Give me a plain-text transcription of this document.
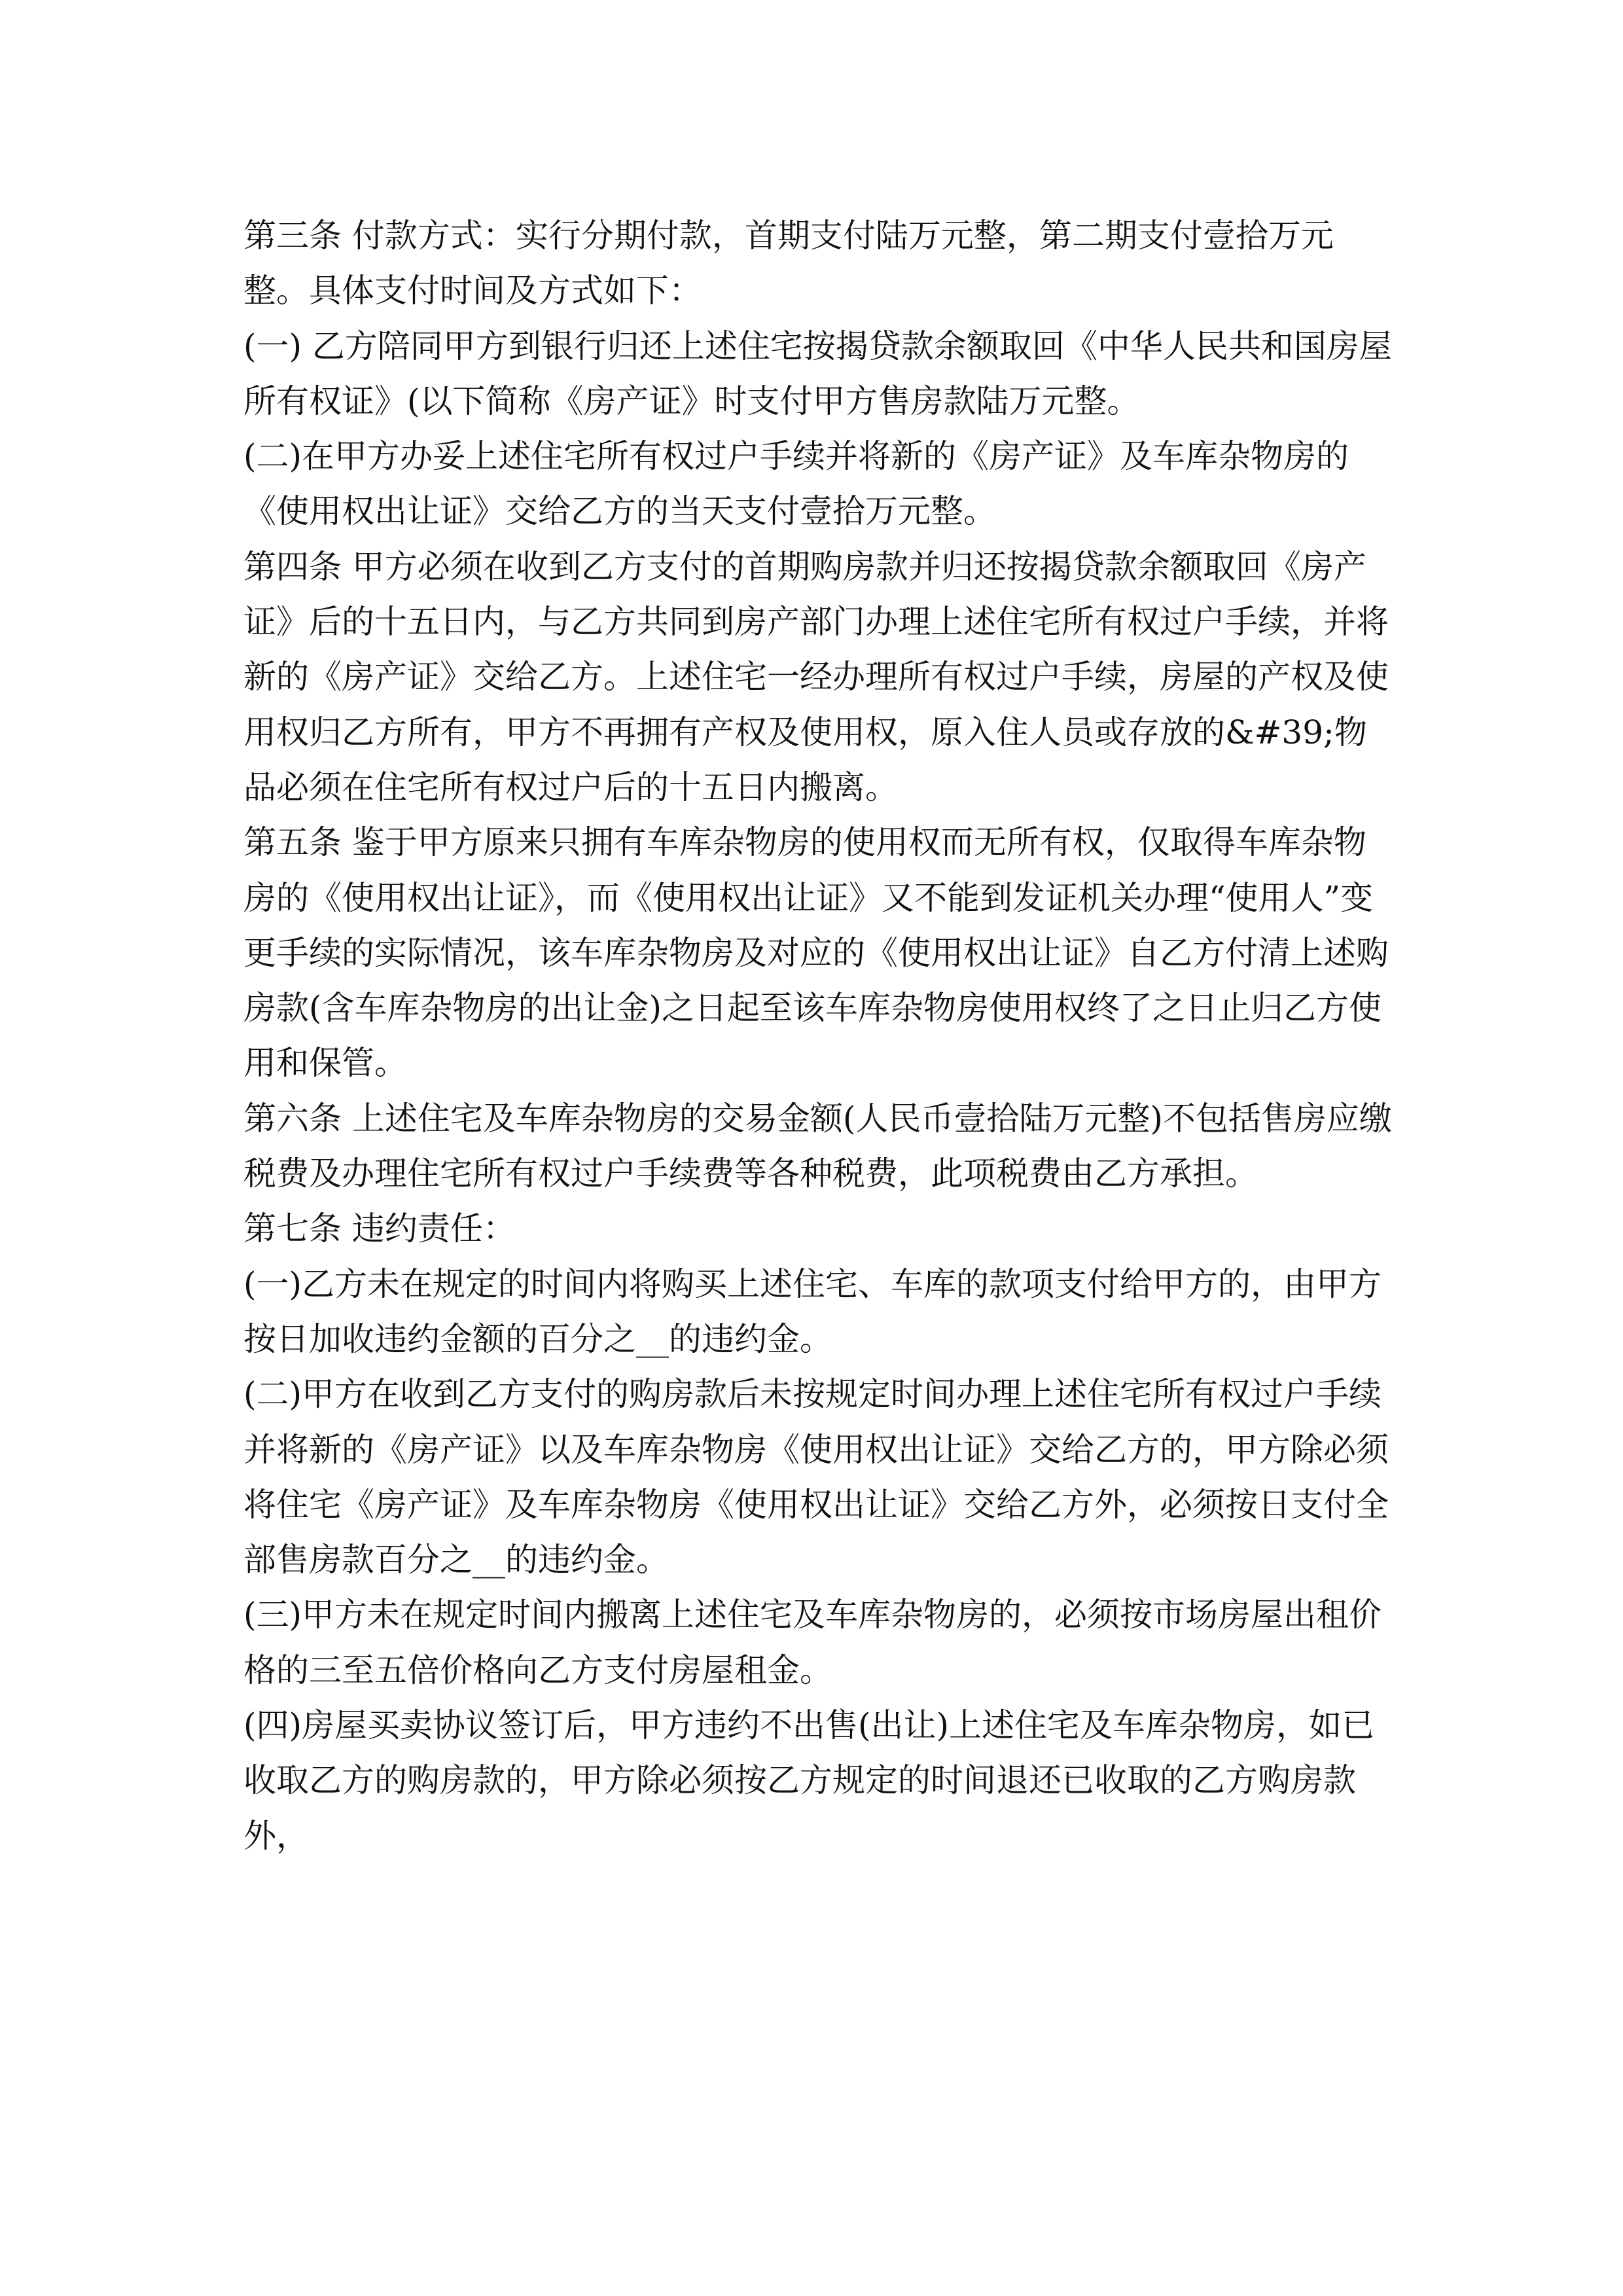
第三条 付款方式：实行分期付款，首期支付陆万元整，第二期支付壹拾万元整。具体支付时间及方式如下：

(一) 乙方陪同甲方到银行归还上述住宅按揭贷款余额取回《中华人民共和国房屋所有权证》(以下简称《房产证》时支付甲方售房款陆万元整。

(二)在甲方办妥上述住宅所有权过户手续并将新的《房产证》及车库杂物房的《使用权出让证》交给乙方的当天支付壹拾万元整。

第四条 甲方必须在收到乙方支付的首期购房款并归还按揭贷款余额取回《房产证》后的十五日内，与乙方共同到房产部门办理上述住宅所有权过户手续，并将新的《房产证》交给乙方。上述住宅一经办理所有权过户手续，房屋的产权及使用权归乙方所有，甲方不再拥有产权及使用权，原入住人员或存放的&#39;物品必须在住宅所有权过户后的十五日内搬离。

第五条 鉴于甲方原来只拥有车库杂物房的使用权而无所有权，仅取得车库杂物房的《使用权出让证》，而《使用权出让证》又不能到发证机关办理“使用人”变更手续的实际情况，该车库杂物房及对应的《使用权出让证》自乙方付清上述购房款(含车库杂物房的出让金)之日起至该车库杂物房使用权终了之日止归乙方使用和保管。

第六条 上述住宅及车库杂物房的交易金额(人民币壹拾陆万元整)不包括售房应缴税费及办理住宅所有权过户手续费等各种税费，此项税费由乙方承担。

第七条 违约责任：

(一)乙方未在规定的时间内将购买上述住宅、车库的款项支付给甲方的，由甲方按日加收违约金额的百分之__的违约金。

(二)甲方在收到乙方支付的购房款后未按规定时间办理上述住宅所有权过户手续并将新的《房产证》以及车库杂物房《使用权出让证》交给乙方的，甲方除必须将住宅《房产证》及车库杂物房《使用权出让证》交给乙方外，必须按日支付全部售房款百分之__的违约金。

(三)甲方未在规定时间内搬离上述住宅及车库杂物房的，必须按市场房屋出租价格的三至五倍价格向乙方支付房屋租金。

(四)房屋买卖协议签订后，甲方违约不出售(出让)上述住宅及车库杂物房，如已收取乙方的购房款的，甲方除必须按乙方规定的时间退还已收取的乙方购房款外，
